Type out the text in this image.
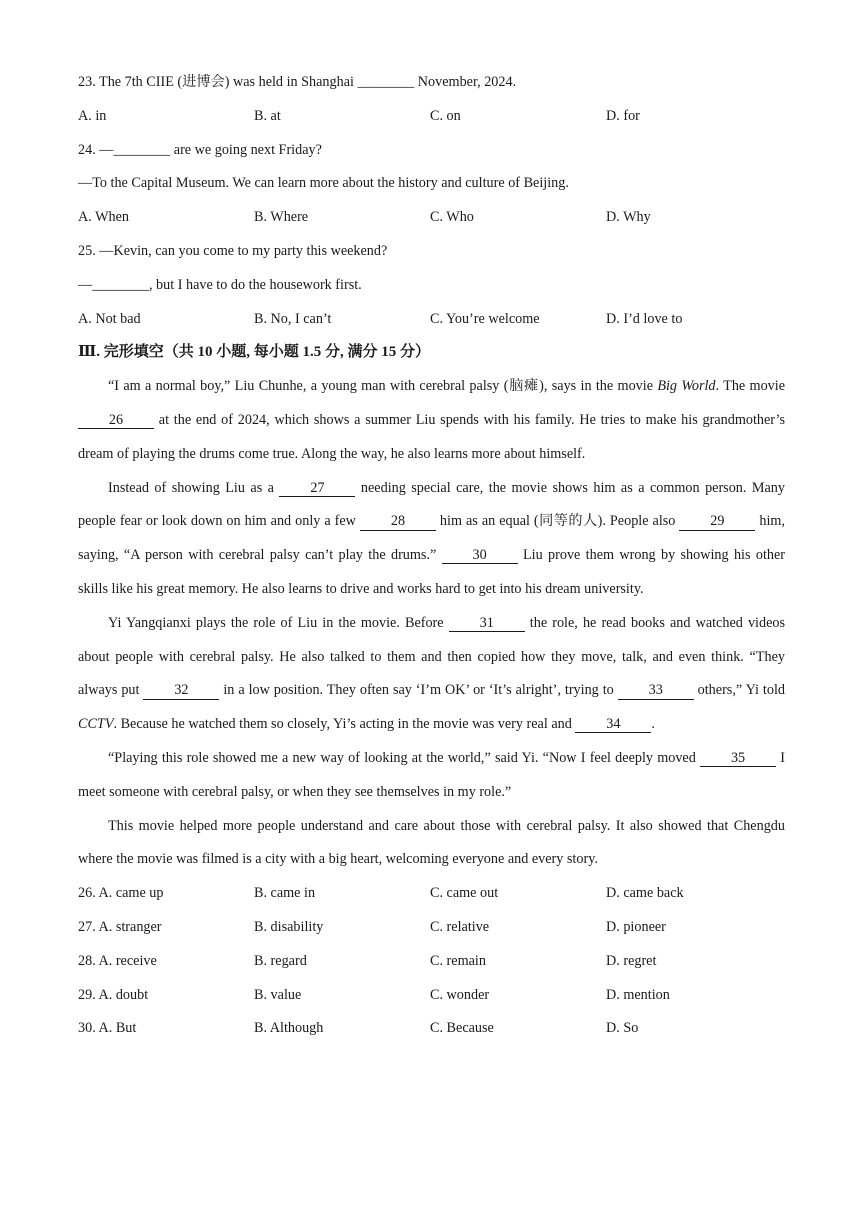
23. The 7th CIIE (进博会) was held in Shanghai ________ November, 2024.
A. in	B. at	C. on	D. for
24. —________ are we going next Friday?
—To the Capital Museum. We can learn more about the history and culture of Beijing.
A. When	B. Where	C. Who	D. Why
25. —Kevin, can you come to my party this weekend?
—________, but I have to do the housework first.
A. Not bad	B. No, I can’t	C. You’re welcome	D. I’d love to
Ⅲ. 完形填空（共 10 小题, 每小题 1.5 分, 满分 15 分）

“I am a normal boy,” Liu Chunhe, a young man with cerebral palsy (脑瘫), says in the movie Big World. The movie 26 at the end of 2024, which shows a summer Liu spends with his family. He tries to make his grandmother’s dream of playing the drums come true. Along the way, he also learns more about himself.

Instead of showing Liu as a 27 needing special care, the movie shows him as a common person. Many people fear or look down on him and only a few 28 him as an equal (同等的人). People also 29 him, saying, “A person with cerebral palsy can’t play the drums.” 30 Liu prove them wrong by showing his other skills like his great memory. He also learns to drive and works hard to get into his dream university.

Yi Yangqianxi plays the role of Liu in the movie. Before 31 the role, he read books and watched videos about people with cerebral palsy. He also talked to them and then copied how they move, talk, and even think. “They always put 32 in a low position. They often say ‘I’m OK’ or ‘It’s alright’, trying to 33 others,” Yi told CCTV. Because he watched them so closely, Yi’s acting in the movie was very real and 34 .

“Playing this role showed me a new way of looking at the world,” said Yi. “Now I feel deeply moved 35 I meet someone with cerebral palsy, or when they see themselves in my role.”

This movie helped more people understand and care about those with cerebral palsy. It also showed that Chengdu where the movie was filmed is a city with a big heart, welcoming everyone and every story.

26. A. came up	B. came in	C. came out	D. came back
27. A. stranger	B. disability	C. relative	D. pioneer
28. A. receive	B. regard	C. remain	D. regret
29. A. doubt	B. value	C. wonder	D. mention
30. A. But	B. Although	C. Because	D. So
